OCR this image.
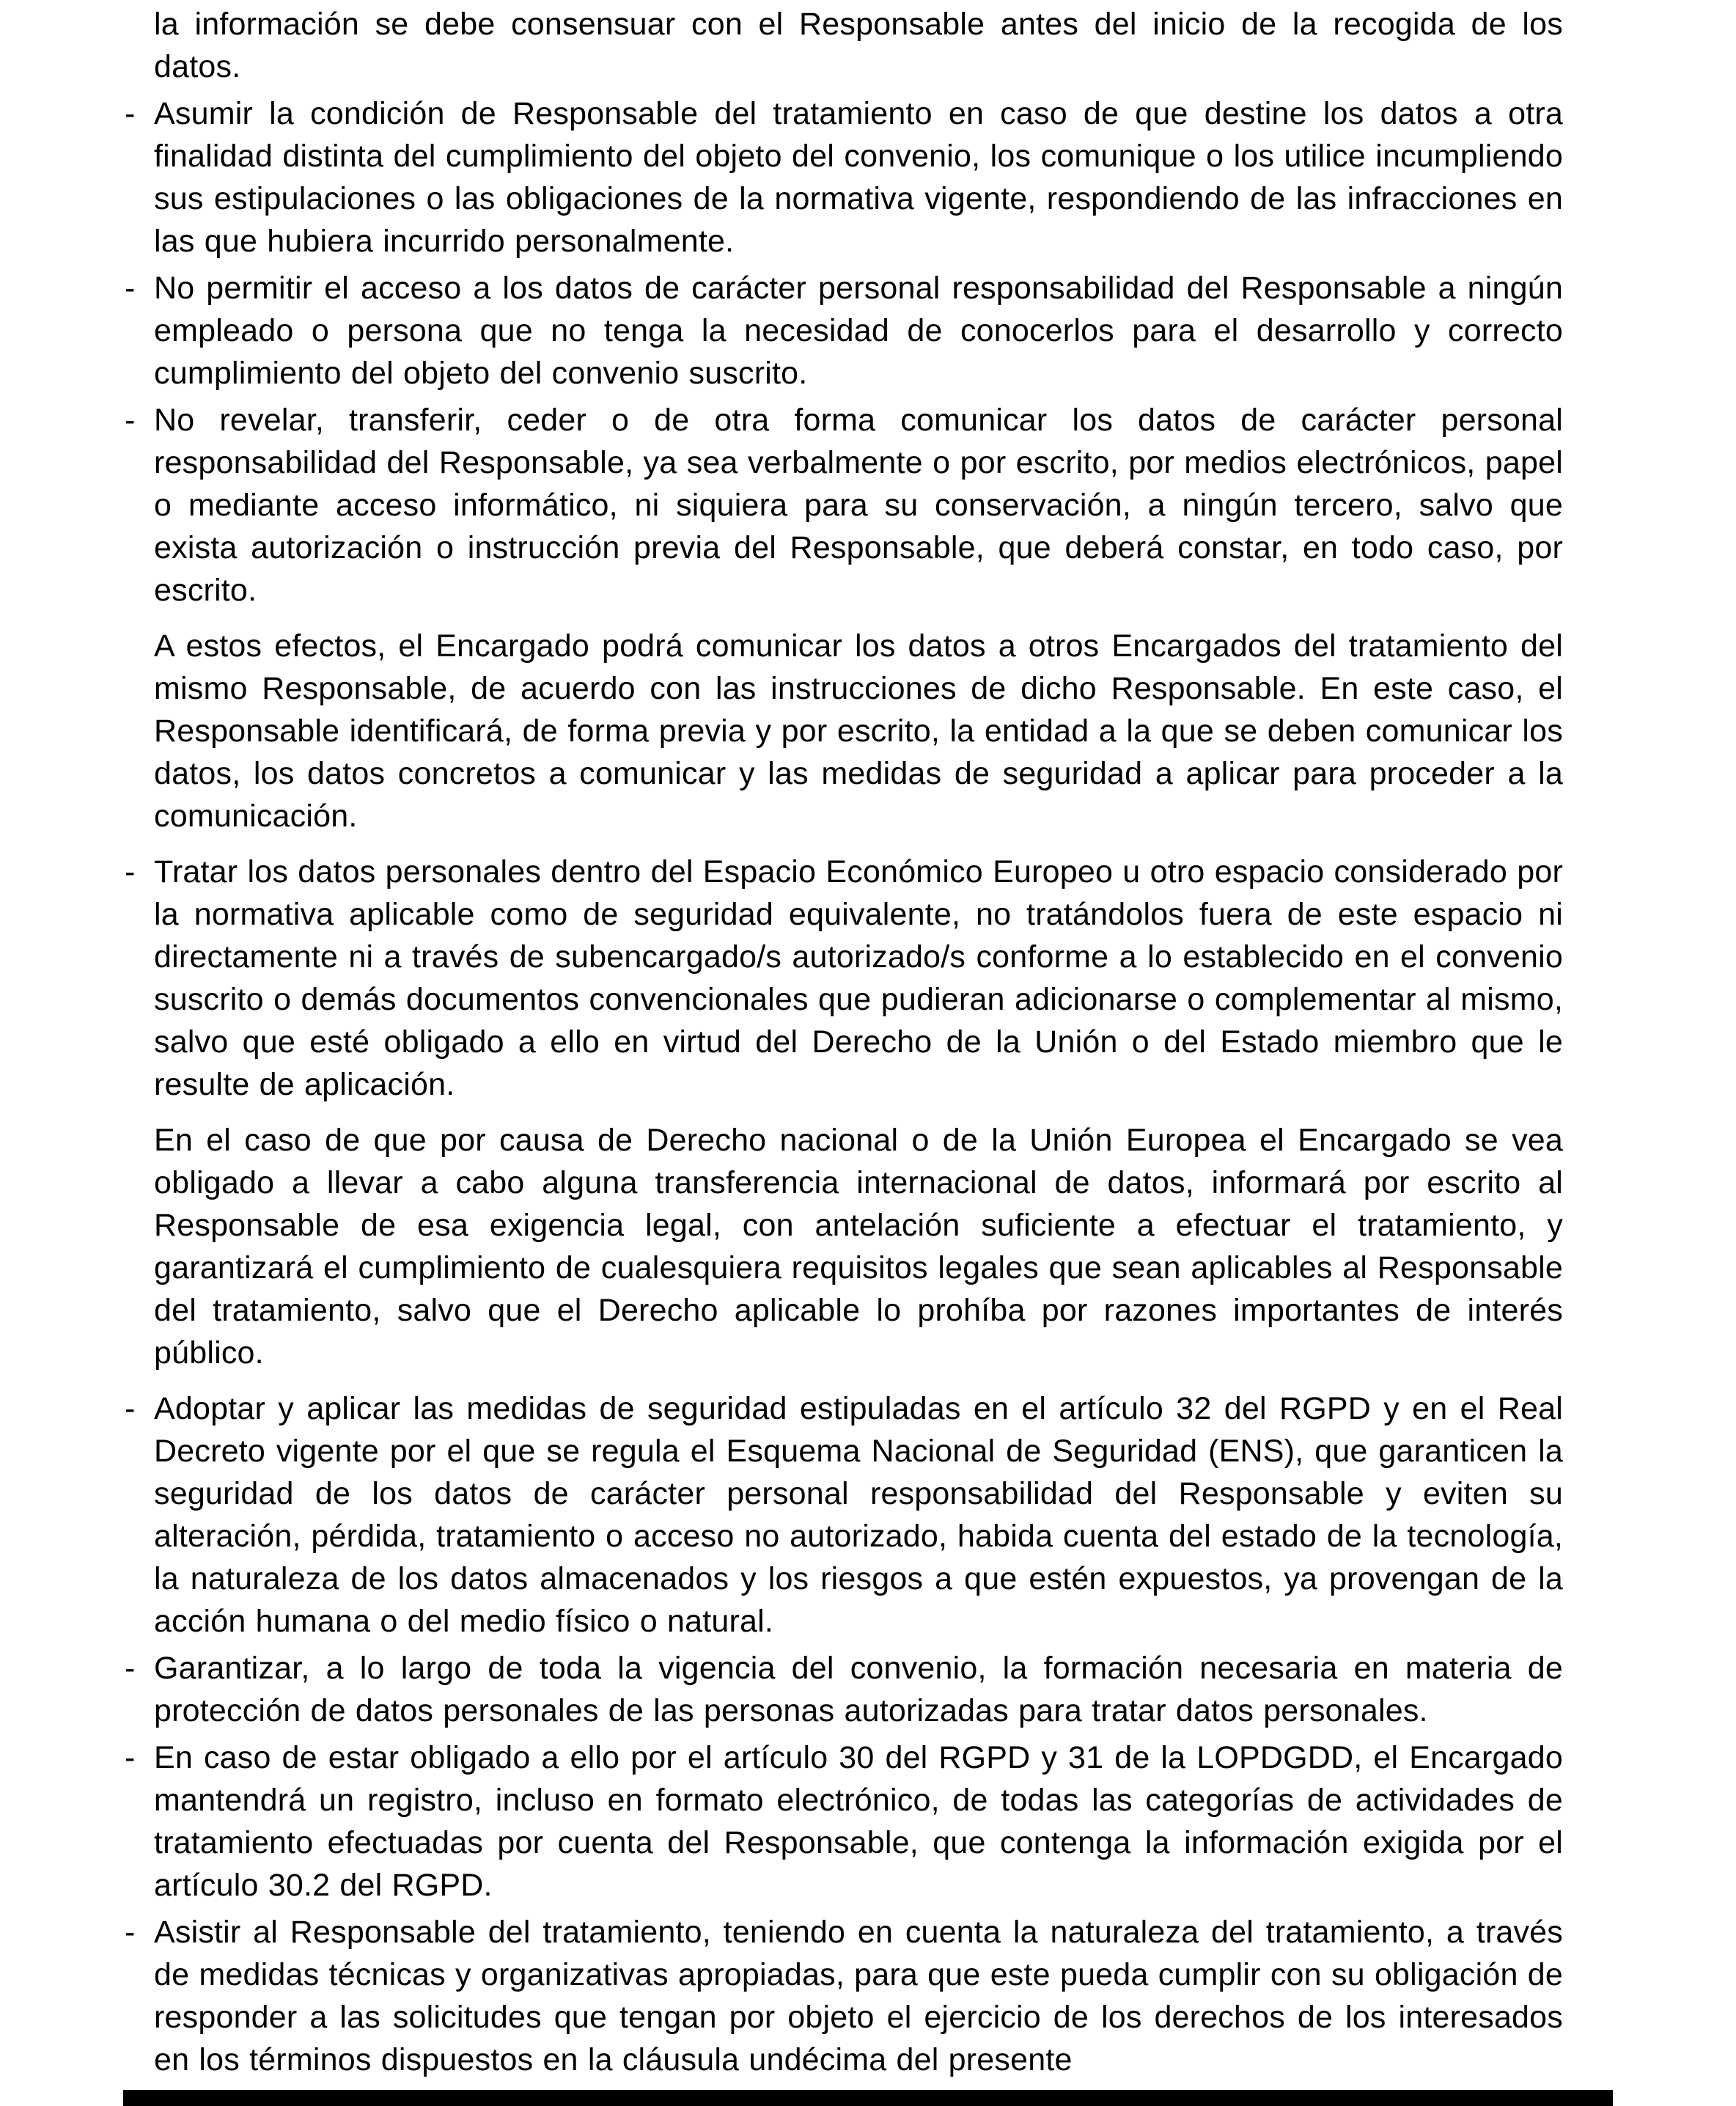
la información se debe consensuar con el Responsable antes del inicio de la recogida de los datos.
- Asumir la condición de Responsable del tratamiento en caso de que destine los datos a otra finalidad distinta del cumplimiento del objeto del convenio, los comunique o los utilice incumpliendo sus estipulaciones o las obligaciones de la normativa vigente, respondiendo de las infracciones en las que hubiera incurrido personalmente.
- No permitir el acceso a los datos de carácter personal responsabilidad del Responsable a ningún empleado o persona que no tenga la necesidad de conocerlos para el desarrollo y correcto cumplimiento del objeto del convenio suscrito.
- No revelar, transferir, ceder o de otra forma comunicar los datos de carácter personal responsabilidad del Responsable, ya sea verbalmente o por escrito, por medios electrónicos, papel o mediante acceso informático, ni siquiera para su conservación, a ningún tercero, salvo que exista autorización o instrucción previa del Responsable, que deberá constar, en todo caso, por escrito.
A estos efectos, el Encargado podrá comunicar los datos a otros Encargados del tratamiento del mismo Responsable, de acuerdo con las instrucciones de dicho Responsable. En este caso, el Responsable identificará, de forma previa y por escrito, la entidad a la que se deben comunicar los datos, los datos concretos a comunicar y las medidas de seguridad a aplicar para proceder a la comunicación.
- Tratar los datos personales dentro del Espacio Económico Europeo u otro espacio considerado por la normativa aplicable como de seguridad equivalente, no tratándolos fuera de este espacio ni directamente ni a través de subencargado/s autorizado/s conforme a lo establecido en el convenio suscrito o demás documentos convencionales que pudieran adicionarse o complementar al mismo, salvo que esté obligado a ello en virtud del Derecho de la Unión o del Estado miembro que le resulte de aplicación.
En el caso de que por causa de Derecho nacional o de la Unión Europea el Encargado se vea obligado a llevar a cabo alguna transferencia internacional de datos, informará por escrito al Responsable de esa exigencia legal, con antelación suficiente a efectuar el tratamiento, y garantizará el cumplimiento de cualesquiera requisitos legales que sean aplicables al Responsable del tratamiento, salvo que el Derecho aplicable lo prohíba por razones importantes de interés público.
- Adoptar y aplicar las medidas de seguridad estipuladas en el artículo 32 del RGPD y en el Real Decreto vigente por el que se regula el Esquema Nacional de Seguridad (ENS), que garanticen la seguridad de los datos de carácter personal responsabilidad del Responsable y eviten su alteración, pérdida, tratamiento o acceso no autorizado, habida cuenta del estado de la tecnología, la naturaleza de los datos almacenados y los riesgos a que estén expuestos, ya provengan de la acción humana o del medio físico o natural.
- Garantizar, a lo largo de toda la vigencia del convenio, la formación necesaria en materia de protección de datos personales de las personas autorizadas para tratar datos personales.
- En caso de estar obligado a ello por el artículo 30 del RGPD y 31 de la LOPDGDD, el Encargado mantendrá un registro, incluso en formato electrónico, de todas las categorías de actividades de tratamiento efectuadas por cuenta del Responsable, que contenga la información exigida por el artículo 30.2 del RGPD.
- Asistir al Responsable del tratamiento, teniendo en cuenta la naturaleza del tratamiento, a través de medidas técnicas y organizativas apropiadas, para que este pueda cumplir con su obligación de responder a las solicitudes que tengan por objeto el ejercicio de los derechos de los interesados en los términos dispuestos en la cláusula undécima del presente
